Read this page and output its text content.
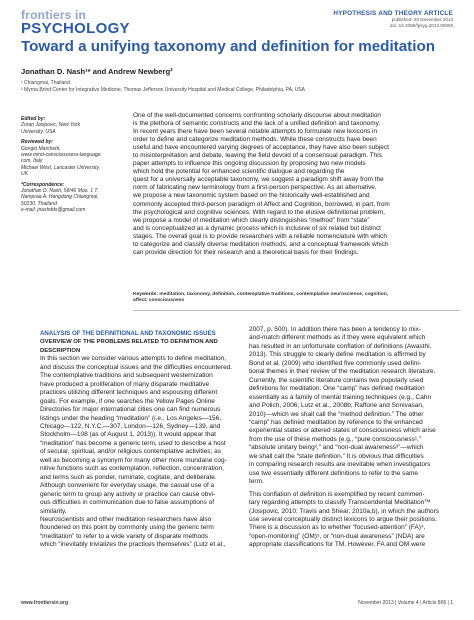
frontiers in
PSYCHOLOGY
HYPOTHESIS AND THEORY ARTICLE
published: 20 November 2013
doi: 10.3389/fpsyg.2013.00806
Toward a unifying taxonomy and definition for meditation
Jonathan D. Nash¹* and Andrew Newberg²
¹ Chiangmai, Thailand
² Myrna Brind Center for Integrative Medicine, Thomas Jefferson University Hospital and Medical College, Philadelphia, PA, USA
Edited by:
Zoran Josipovic, New York
University, USA
Reviewed by:
Giorgio Marchetti,
www.mind-consciousness-language.
com, Italy
Michael West, Lancaster University,
UK
*Correspondence:
Jonathan D. Nash, 58/46 Moo. 1 T.
Nampraa A. Hangdong Chiangmai,
50230, Thailand
e-mail: jnashdds@gmail.com
One of the well-documented concerns confronting scholarly discourse about meditation
is the plethora of semantic constructs and the lack of a unified definition and taxonomy.
In recent years there have been several notable attempts to formulate new lexicons in
order to define and categorize meditation methods. While these constructs have been
useful and have encountered varying degrees of acceptance, they have also been subject
to misinterpretation and debate, leaving the field devoid of a consensual paradigm. This
paper attempts to influence this ongoing discussion by proposing two new models
which hold the potential for enhanced scientific dialogue and regarding the
quest for a universally acceptable taxonomy, we suggest a paradigm shift away from the
norm of fabricating new terminology from a first-person perspective. As an alternative,
we propose a new taxonomic system based on the historically well-established and
commonly accepted third-person paradigm of Affect and Cognition, borrowed, in part, from
the psychological and cognitive sciences. With regard to the elusive definitional problem,
we propose a model of meditation which clearly distinguishes “method” from “state”
and is conceptualized as a dynamic process which is inclusive of six related but distinct
stages. The overall goal is to provide researchers with a reliable nomenclature with which
to categorize and classify diverse meditation methods, and a conceptual framework which
can provide direction for their research and a theoretical basis for their findings.
Keywords: meditation, taxonomy, definition, contemplative traditions, contemplative neuroscience, cognition,
affect, consciousness
ANALYSIS OF THE DEFINITIONAL AND TAXONOMIC ISSUES
OVERVIEW OF THE PROBLEMS RELATED TO DEFINITION AND
DESCRIPTION
In this section we consider various attempts to define meditation,
and discuss the conceptual issues and the difficulties encountered.
The contemplative traditions and subsequent westernization
have produced a proliferation of many disparate meditative
practices utilizing different techniques and espousing different
goals. For example, if one searches the Yellow Pages Online
Directories for major international cities one can find numerous
listings under the heading “meditation” (i.e., Los Angeles—156,
Chicago—122, N.Y.C.—307, London—126, Sydney—139, and
Stockholm—108 (as of August 1, 2013)). It would appear that
“meditation” has become a generic term, used to describe a host
of secular, spiritual, and/or religious contemplative activities; as
well as becoming a synonym for many other more mundane cog-
nitive functions such as contemplation, reflection, concentration,
and terms such as ponder, ruminate, cogitate, and deliberate.
Although convenient for everyday usage, the casual use of a
generic term to group any activity or practice can cause obvi-
ous difficulties in communication due to false assumptions of
similarity.
Neuroscientists and other meditation researchers have also
floundered on this point by commonly using the generic term
“meditation” to refer to a wide variety of disparate methods
which “inevitably trivializes the practices themselves” (Lutz et al.,
2007, p. 500). In addition there has been a tendency to mix-
and-match different methods as if they were equivalent which
has resulted in an unfortunate conflation of definitions (Awasthi,
2013). This struggle to clearly define meditation is affirmed by
Bond et al. (2009) who identified five commonly used defini-
tional themes in their review of the meditation research literature.
Currently, the scientific literature contains two popularly used
definitions for meditation. One “camp” has defined meditation
essentially as a family of mental training techniques (e.g., Cahn
and Polich, 2006; Lutz et al., 2008b; Raffone and Srinivasan,
2010)—which we shall call the “method definition.” The other
“camp” has defined meditation by reference to the enhanced
experiential states or altered states of consciousness which arise
from the use of these methods (e.g., “pure consciousness¹,”
“absolute unitary being²,” and “non-dual awareness³”—which
we shall call the “state definition.” It is obvious that difficulties
in comparing research results are inevitable when investigators
use two essentially different definitions to refer to the same
term.
This conflation of definition is exemplified by recent commen-
tary regarding attempts to classify Transcendental Meditation™
(Josipovic, 2010; Travis and Shear, 2010a,b), in which the authors
use several conceptually distinct lexicons to argue their positions.
There is a discussion as to whether “focused-attention” (FA)⁴,
“open-monitoring” (OM)⁵, or “non-dual awareness” (NDA) are
appropriate classifications for TM. However, FA and OM were
www.frontiersin.org	November 2013 | Volume 4 | Article 806 | 1
